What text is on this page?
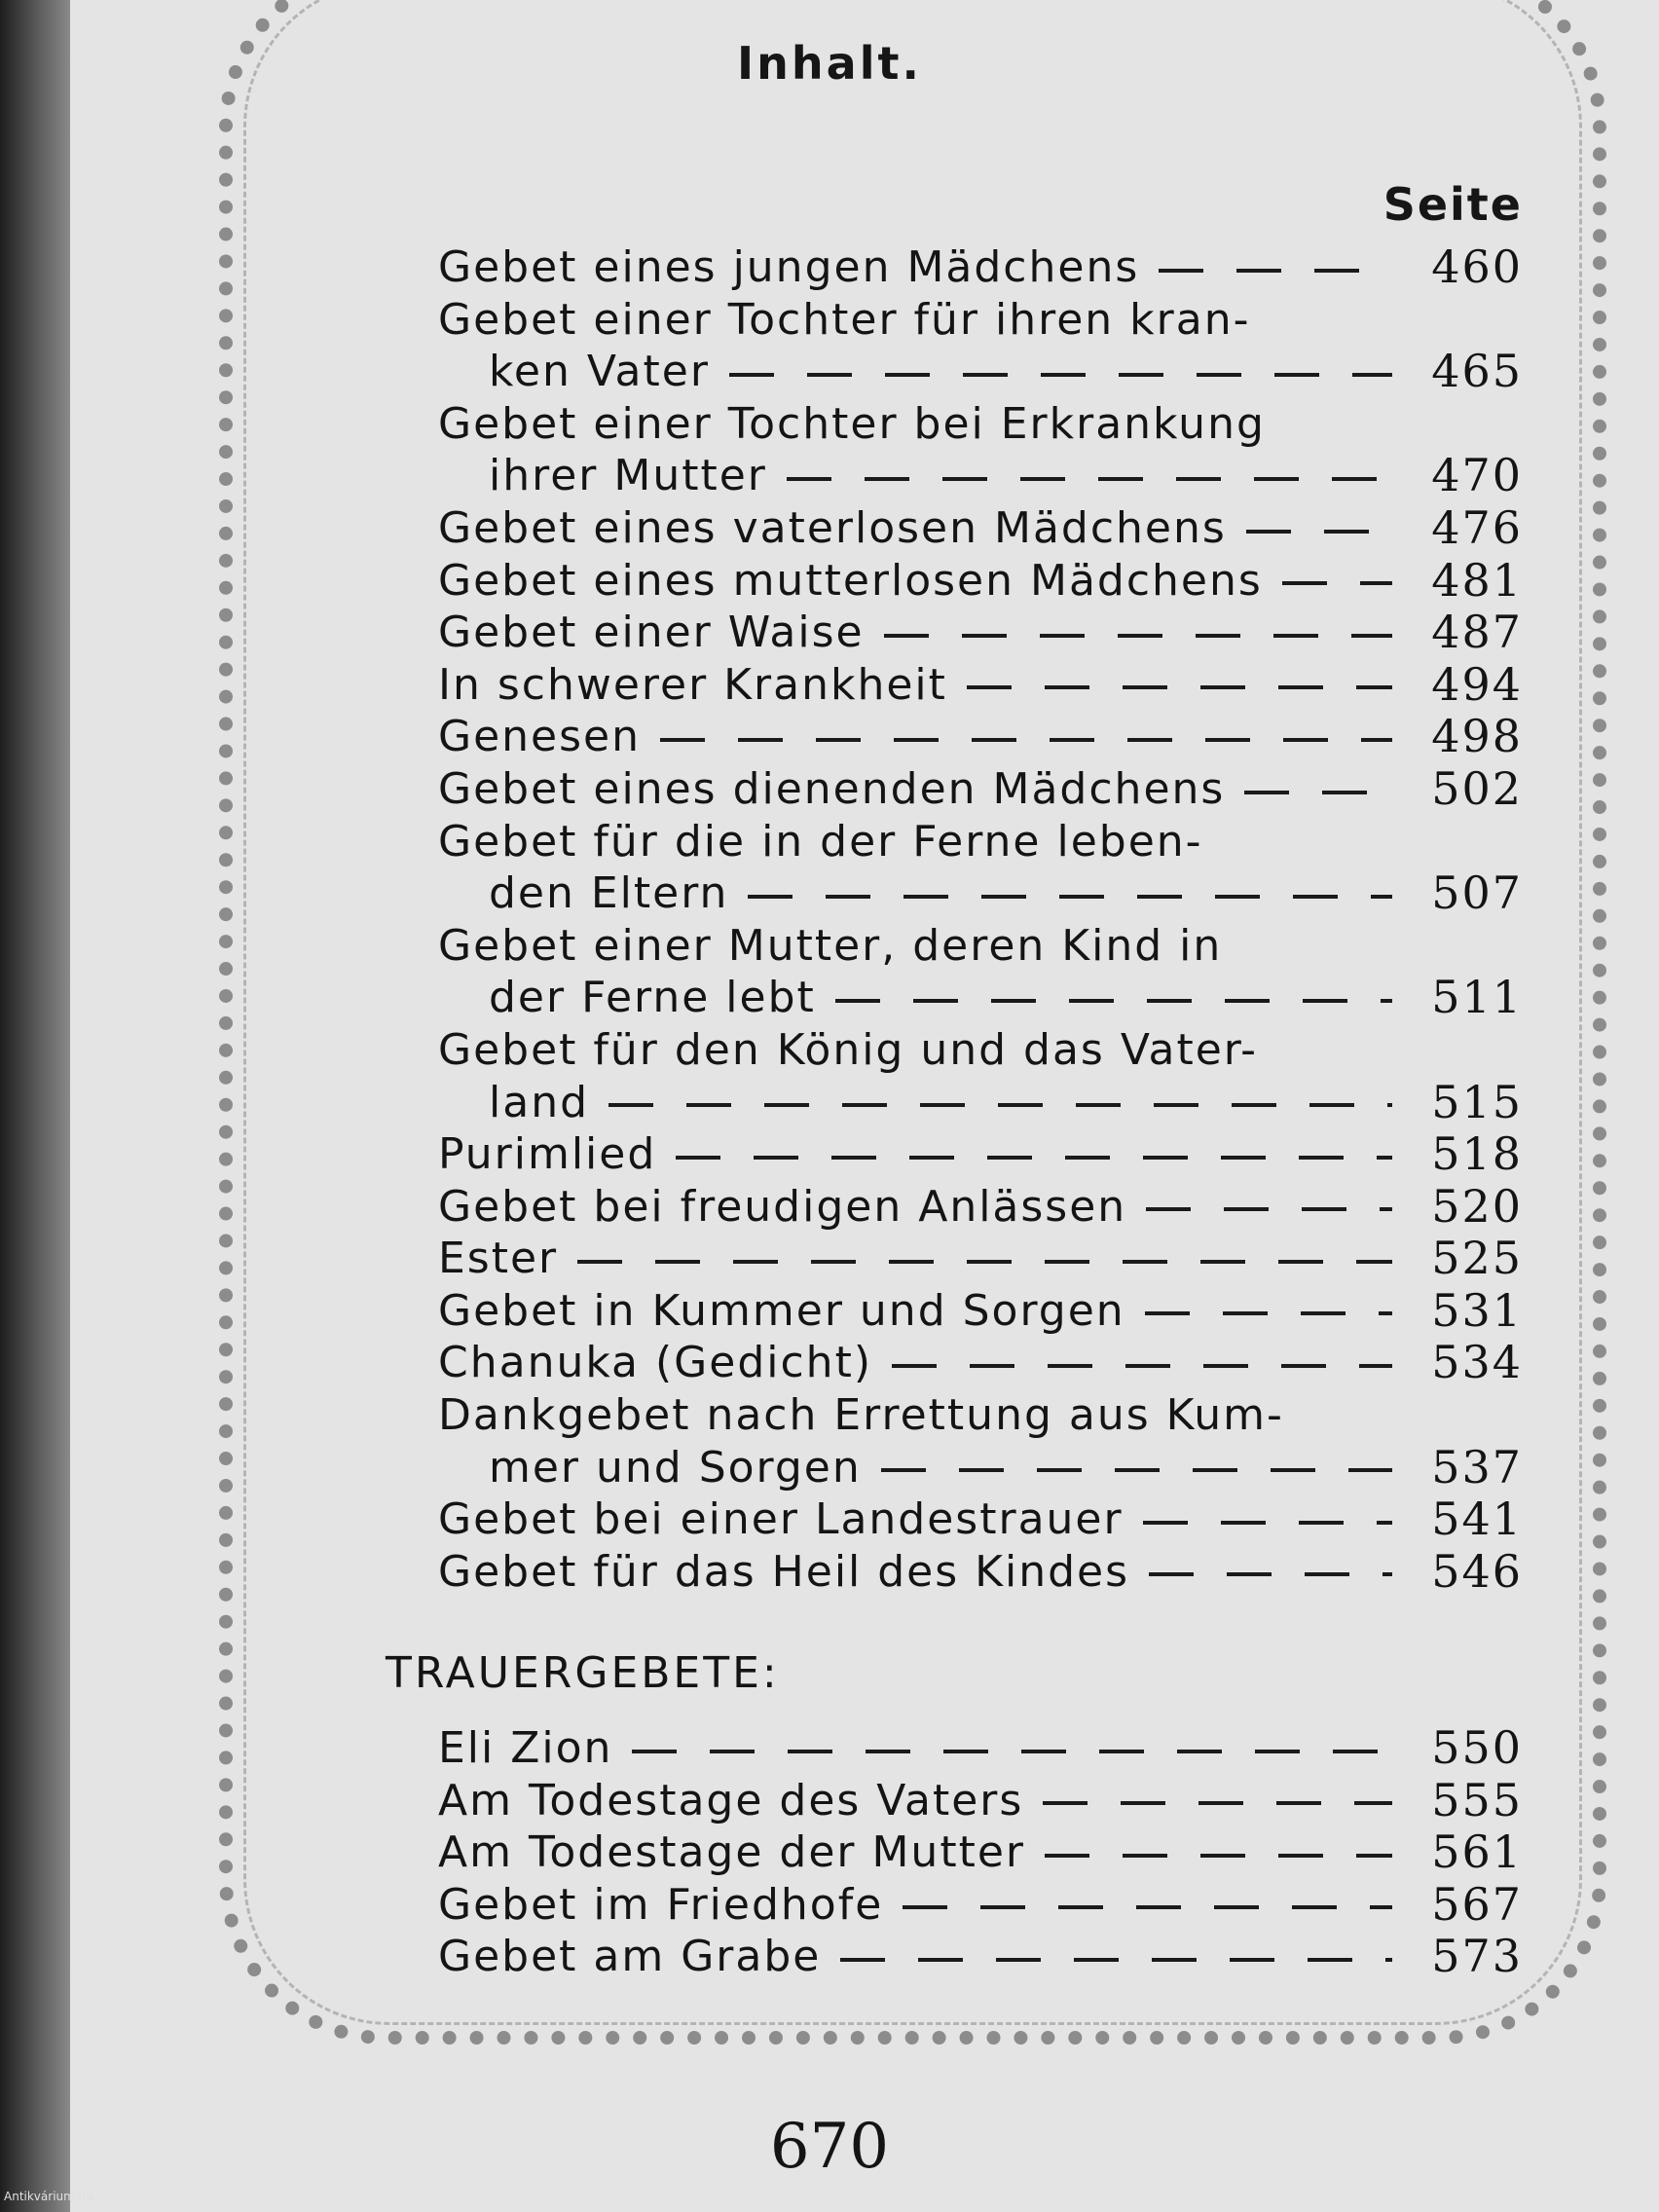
Inhalt.
Seite
Gebet eines jungen Mädchens	460
Gebet einer Tochter für ihren kran-
ken Vater	465
Gebet einer Tochter bei Erkrankung
ihrer Mutter	470
Gebet eines vaterlosen Mädchens	476
Gebet eines mutterlosen Mädchens	481
Gebet einer Waise	487
In schwerer Krankheit	494
Genesen	498
Gebet eines dienenden Mädchens	502
Gebet für die in der Ferne leben-
den Eltern	507
Gebet einer Mutter, deren Kind in
der Ferne lebt	511
Gebet für den König und das Vater-
land	515
Purimlied	518
Gebet bei freudigen Anlässen	520
Ester	525
Gebet in Kummer und Sorgen	531
Chanuka (Gedicht)	534
Dankgebet nach Errettung aus Kum-
mer und Sorgen	537
Gebet bei einer Landestrauer	541
Gebet für das Heil des Kindes	546
TRAUERGEBETE:
Eli Zion	550
Am Todestage des Vaters	555
Am Todestage der Mutter	561
Gebet im Friedhofe	567
Gebet am Grabe	573
670
Antikvárium.hu
